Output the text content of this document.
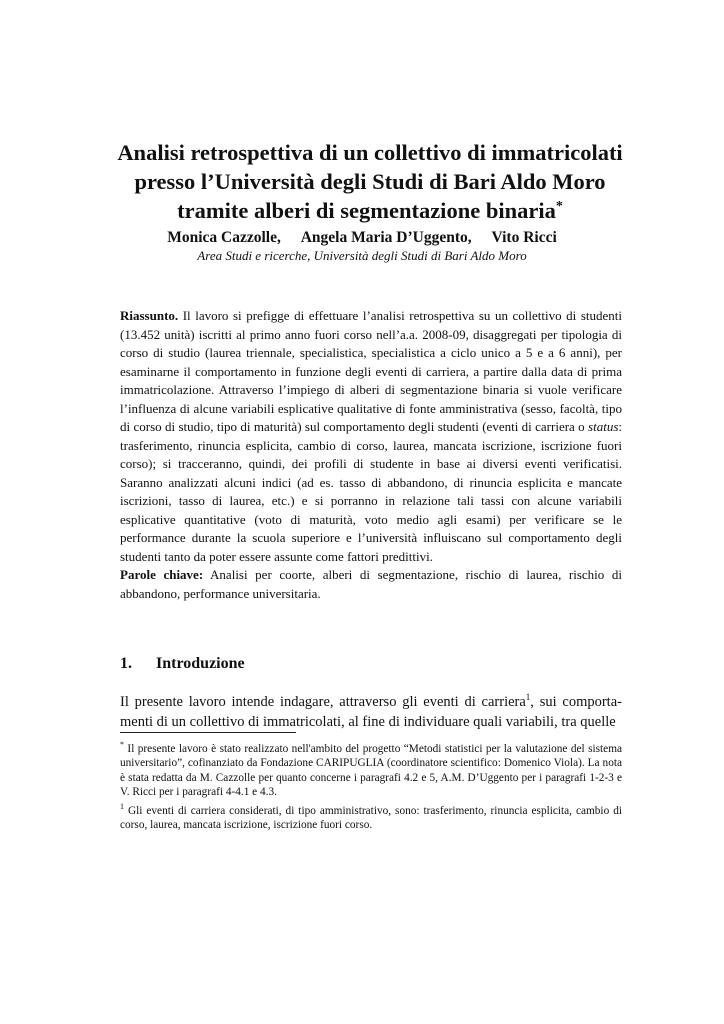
Analisi retrospettiva di un collettivo di immatricolati
presso l’Università degli Studi di Bari Aldo Moro
tramite alberi di segmentazione binaria*
Monica Cazzolle, Angela Maria D’Uggento, Vito Ricci
Area Studi e ricerche, Università degli Studi di Bari Aldo Moro
Riassunto. Il lavoro si prefigge di effettuare l’analisi retrospettiva su un collettivo di studenti (13.452 unità) iscritti al primo anno fuori corso nell’a.a. 2008-09, disaggregati per tipologia di corso di studio (laurea triennale, specialistica, specialistica a ciclo unico a 5 e a 6 anni), per esaminarne il comportamento in funzione degli eventi di carriera, a partire dalla data di prima immatricolazione. Attraverso l’impiego di alberi di segmentazione binaria si vuole verificare l’influenza di alcune variabili esplicative qualitative di fonte amministrativa (sesso, facoltà, tipo di corso di studio, tipo di maturità) sul comportamento degli studenti (eventi di carriera o status: trasferimento, rinuncia esplicita, cambio di corso, laurea, mancata iscrizione, iscrizione fuori corso); si tracceranno, quindi, dei profili di studente in base ai diversi eventi verificatisi. Saranno analizzati alcuni indici (ad es. tasso di abbandono, di rinuncia esplicita e mancate iscrizioni, tasso di laurea, etc.) e si porranno in relazione tali tassi con alcune variabili esplicative quantitative (voto di maturità, voto medio agli esami) per verificare se le performance durante la scuola superiore e l’università influiscano sul comportamento degli studenti tanto da poter essere assunte come fattori predittivi.
Parole chiave: Analisi per coorte, alberi di segmentazione, rischio di laurea, rischio di abbandono, performance universitaria.
1. Introduzione
Il presente lavoro intende indagare, attraverso gli eventi di carriera$^1$, sui comportamenti di un collettivo di immatricolati, al fine di individuare quali variabili, tra quelle

* Il presente lavoro è stato realizzato nell'ambito del progetto “Metodi statistici per la valutazione del sistema universitario”, cofinanziato da Fondazione CARIPUGLIA (coordinatore scientifico: Domenico Viola). La nota è stata redatta da M. Cazzolle per quanto concerne i paragrafi 4.2 e 5, A.M. D’Uggento per i paragrafi 1-2-3 e V. Ricci per i paragrafi 4-4.1 e 4.3.

$^1$ Gli eventi di carriera considerati, di tipo amministrativo, sono: trasferimento, rinuncia esplicita, cambio di corso, laurea, mancata iscrizione, iscrizione fuori corso.
